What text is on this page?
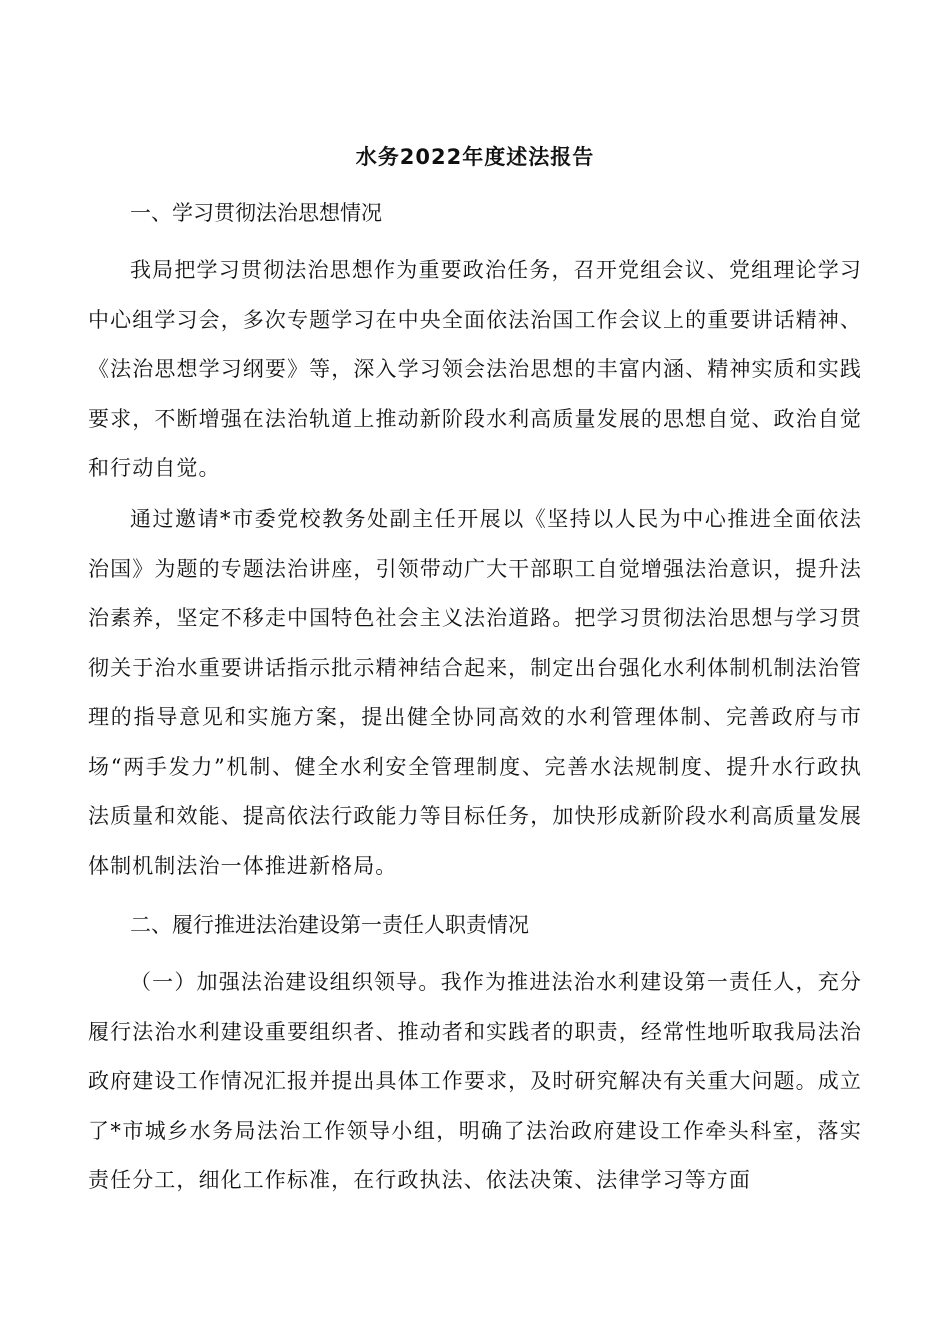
水务2022年度述法报告
一、学习贯彻法治思想情况
我局把学习贯彻法治思想作为重要政治任务，召开党组会议、党组理论学习中心组学习会，多次专题学习在中央全面依法治国工作会议上的重要讲话精神、《法治思想学习纲要》等，深入学习领会法治思想的丰富内涵、精神实质和实践要求，不断增强在法治轨道上推动新阶段水利高质量发展的思想自觉、政治自觉和行动自觉。
通过邀请*市委党校教务处副主任开展以《坚持以人民为中心推进全面依法治国》为题的专题法治讲座，引领带动广大干部职工自觉增强法治意识，提升法治素养，坚定不移走中国特色社会主义法治道路。把学习贯彻法治思想与学习贯彻关于治水重要讲话指示批示精神结合起来，制定出台强化水利体制机制法治管理的指导意见和实施方案，提出健全协同高效的水利管理体制、完善政府与市场“两手发力”机制、健全水利安全管理制度、完善水法规制度、提升水行政执法质量和效能、提高依法行政能力等目标任务，加快形成新阶段水利高质量发展体制机制法治一体推进新格局。
二、履行推进法治建设第一责任人职责情况
（一）加强法治建设组织领导。我作为推进法治水利建设第一责任人，充分履行法治水利建设重要组织者、推动者和实践者的职责，经常性地听取我局法治政府建设工作情况汇报并提出具体工作要求，及时研究解决有关重大问题。成立了*市城乡水务局法治工作领导小组，明确了法治政府建设工作牵头科室，落实责任分工，细化工作标准，在行政执法、依法决策、法律学习等方面
